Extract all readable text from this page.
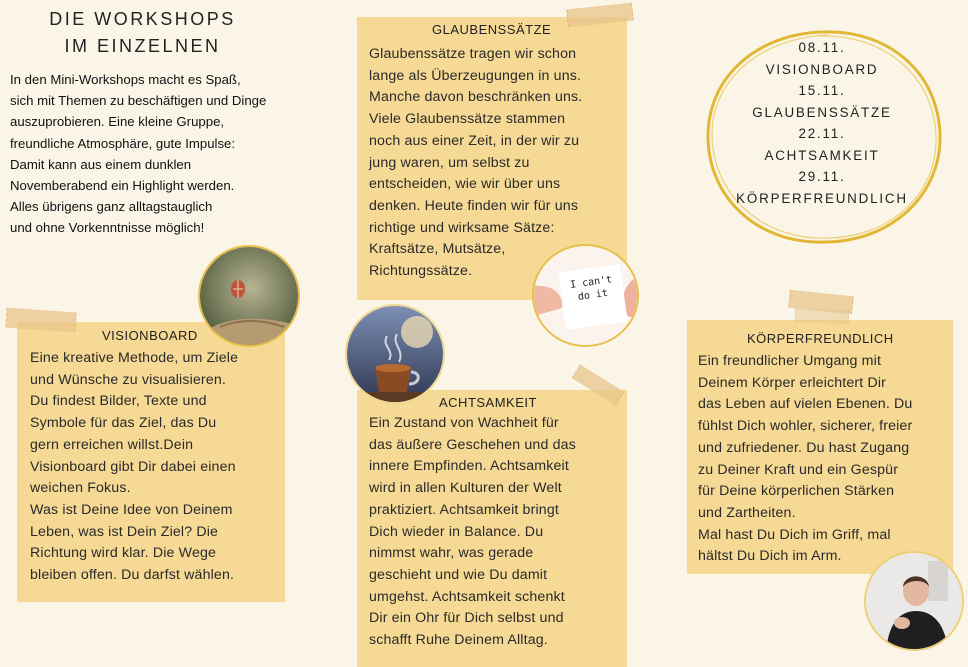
DIE WORKSHOPS
IM EINZELNEN
In den Mini-Workshops macht es Spaß,
sich mit Themen zu beschäftigen und Dinge
auszuprobieren. Eine kleine Gruppe,
freundliche Atmosphäre, gute Impulse:
Damit kann aus einem dunklen
Novemberabend ein Highlight werden.
Alles übrigens ganz alltagstauglich
und ohne Vorkenntnisse möglich!
08.11.
VISIONBOARD
15.11.
GLAUBENSSÄTZE
22.11.
ACHTSAMKEIT
29.11.
KÖRPERFREUNDLICH
GLAUBENSSÄTZE
Glaubenssätze tragen wir schon
lange als Überzeugungen in uns.
Manche davon beschränken uns.
Viele Glaubenssätze stammen
noch aus einer Zeit, in der wir zu
jung waren, um selbst zu
entscheiden, wie wir über uns
denken. Heute finden wir für uns
richtige und wirksame Sätze:
Kraftsätze, Mutsätze,
Richtungssätze.
VISIONBOARD
Eine kreative Methode, um Ziele
und Wünsche zu visualisieren.
Du findest Bilder, Texte und
Symbole für das Ziel, das Du
gern erreichen willst.Dein
Visionboard gibt Dir dabei einen
weichen Fokus.
Was ist Deine Idee von Deinem
Leben, was ist Dein Ziel? Die
Richtung wird klar. Die Wege
bleiben offen. Du darfst wählen.
ACHTSAMKEIT
Ein Zustand von Wachheit für
das äußere Geschehen und das
innere Empfinden. Achtsamkeit
wird in allen Kulturen der Welt
praktiziert. Achtsamkeit bringt
Dich wieder in Balance. Du
nimmst wahr, was gerade
geschieht und wie Du damit
umgehst. Achtsamkeit schenkt
Dir ein Ohr für Dich selbst und
schafft Ruhe Deinem Alltag.
KÖRPERFREUNDLICH
Ein freundlicher Umgang mit
Deinem Körper erleichtert Dir
das Leben auf vielen Ebenen. Du
fühlst Dich wohler, sicherer, freier
und zufriedener. Du hast Zugang
zu Deiner Kraft und ein Gespür
für Deine körperlichen Stärken
und Zartheiten.
Mal hast Du Dich im Griff, mal
hältst Du Dich im Arm.
I can't
do it
